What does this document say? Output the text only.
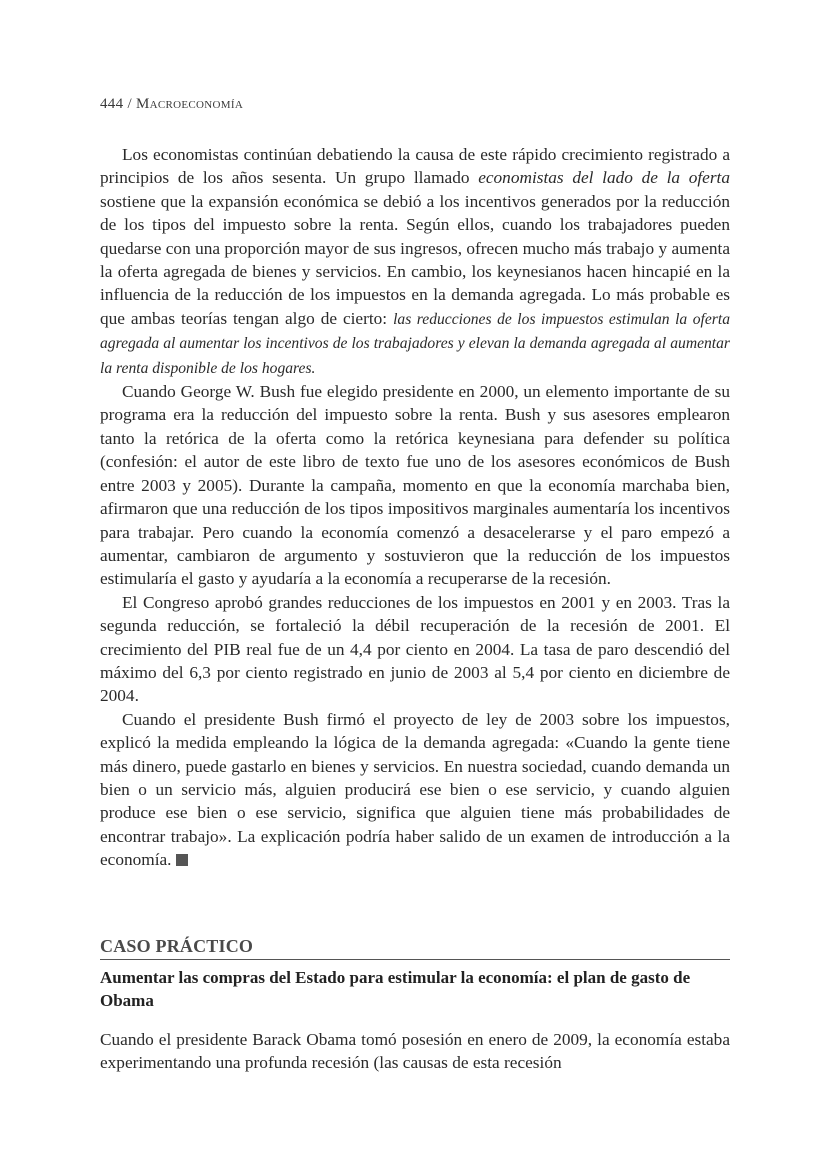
444 / Macroeconomía

Los economistas continúan debatiendo la causa de este rápido crecimiento registrado a principios de los años sesenta. Un grupo llamado economistas del lado de la oferta sostiene que la expansión económica se debió a los incentivos generados por la reducción de los tipos del impuesto sobre la renta. Según ellos, cuando los trabajadores pueden quedarse con una proporción mayor de sus ingresos, ofrecen mucho más trabajo y aumenta la oferta agregada de bienes y servicios. En cambio, los keynesianos hacen hincapié en la influencia de la reducción de los impuestos en la demanda agregada. Lo más probable es que ambas teorías tengan algo de cierto: las reducciones de los impuestos estimulan la oferta agregada al aumentar los incentivos de los trabajadores y elevan la demanda agregada al aumentar la renta disponible de los hogares.

Cuando George W. Bush fue elegido presidente en 2000, un elemento importante de su programa era la reducción del impuesto sobre la renta. Bush y sus asesores emplearon tanto la retórica de la oferta como la retórica keynesiana para defender su política (confesión: el autor de este libro de texto fue uno de los asesores económicos de Bush entre 2003 y 2005). Durante la campaña, momento en que la economía marchaba bien, afirmaron que una reducción de los tipos impositivos marginales aumentaría los incentivos para trabajar. Pero cuando la economía comenzó a desacelerarse y el paro empezó a aumentar, cambiaron de argumento y sostuvieron que la reducción de los impuestos estimularía el gasto y ayudaría a la economía a recuperarse de la recesión.

El Congreso aprobó grandes reducciones de los impuestos en 2001 y en 2003. Tras la segunda reducción, se fortaleció la débil recuperación de la recesión de 2001. El crecimiento del PIB real fue de un 4,4 por ciento en 2004. La tasa de paro descendió del máximo del 6,3 por ciento registrado en junio de 2003 al 5,4 por ciento en diciembre de 2004.

Cuando el presidente Bush firmó el proyecto de ley de 2003 sobre los impuestos, explicó la medida empleando la lógica de la demanda agregada: «Cuando la gente tiene más dinero, puede gastarlo en bienes y servicios. En nuestra sociedad, cuando demanda un bien o un servicio más, alguien producirá ese bien o ese servicio, y cuando alguien produce ese bien o ese servicio, significa que alguien tiene más probabilidades de encontrar trabajo». La explicación podría haber salido de un examen de introducción a la economía.

CASO PRÁCTICO
Aumentar las compras del Estado para estimular la economía: el plan de gasto de Obama

Cuando el presidente Barack Obama tomó posesión en enero de 2009, la economía estaba experimentando una profunda recesión (las causas de esta recesión
